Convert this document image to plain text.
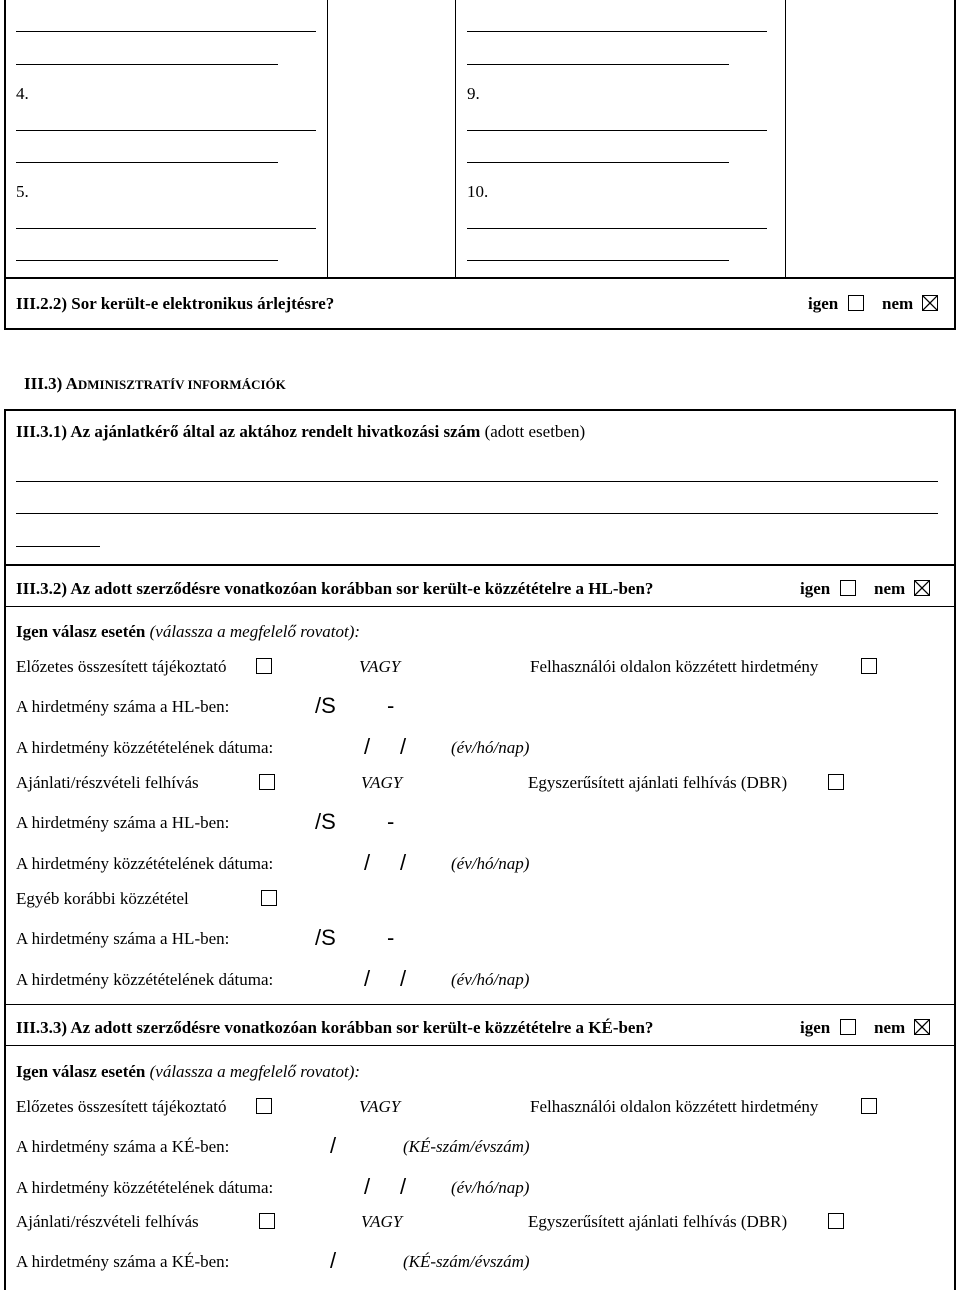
4.
5.
9.
10.
III.2.2) Sor került-e elektronikus árlejtésre?	igen	nem
III.3) ADMINISZTRATÍV INFORMÁCIÓK
III.3.1) Az ajánlatkérő által az aktához rendelt hivatkozási szám (adott esetben)
III.3.2) Az adott szerződésre vonatkozóan korábban sor került-e közzétételre a HL-ben?	igen	nem
Igen válasz esetén (válassza a megfelelő rovatot):
Előzetes összesített tájékoztató	VAGY	Felhasználói oldalon közzétett hirdetmény
A hirdetmény száma a HL-ben:	/S -
A hirdetmény közzétételének dátuma:	/ /	(év/hó/nap)
Ajánlati/részvételi felhívás	VAGY	Egyszerűsített ajánlati felhívás (DBR)
A hirdetmény száma a HL-ben:	/S -
A hirdetmény közzétételének dátuma:	/ /	(év/hó/nap)
Egyéb korábbi közzététel
A hirdetmény száma a HL-ben:	/S -
A hirdetmény közzétételének dátuma:	/ /	(év/hó/nap)
III.3.3) Az adott szerződésre vonatkozóan korábban sor került-e közzétételre a KÉ-ben?	igen	nem
Igen válasz esetén (válassza a megfelelő rovatot):
Előzetes összesített tájékoztató	VAGY	Felhasználói oldalon közzétett hirdetmény
A hirdetmény száma a KÉ-ben:	/	(KÉ-szám/évszám)
A hirdetmény közzétételének dátuma:	/ /	(év/hó/nap)
Ajánlati/részvételi felhívás	VAGY	Egyszerűsített ajánlati felhívás (DBR)
A hirdetmény száma a KÉ-ben:	/	(KÉ-szám/évszám)
